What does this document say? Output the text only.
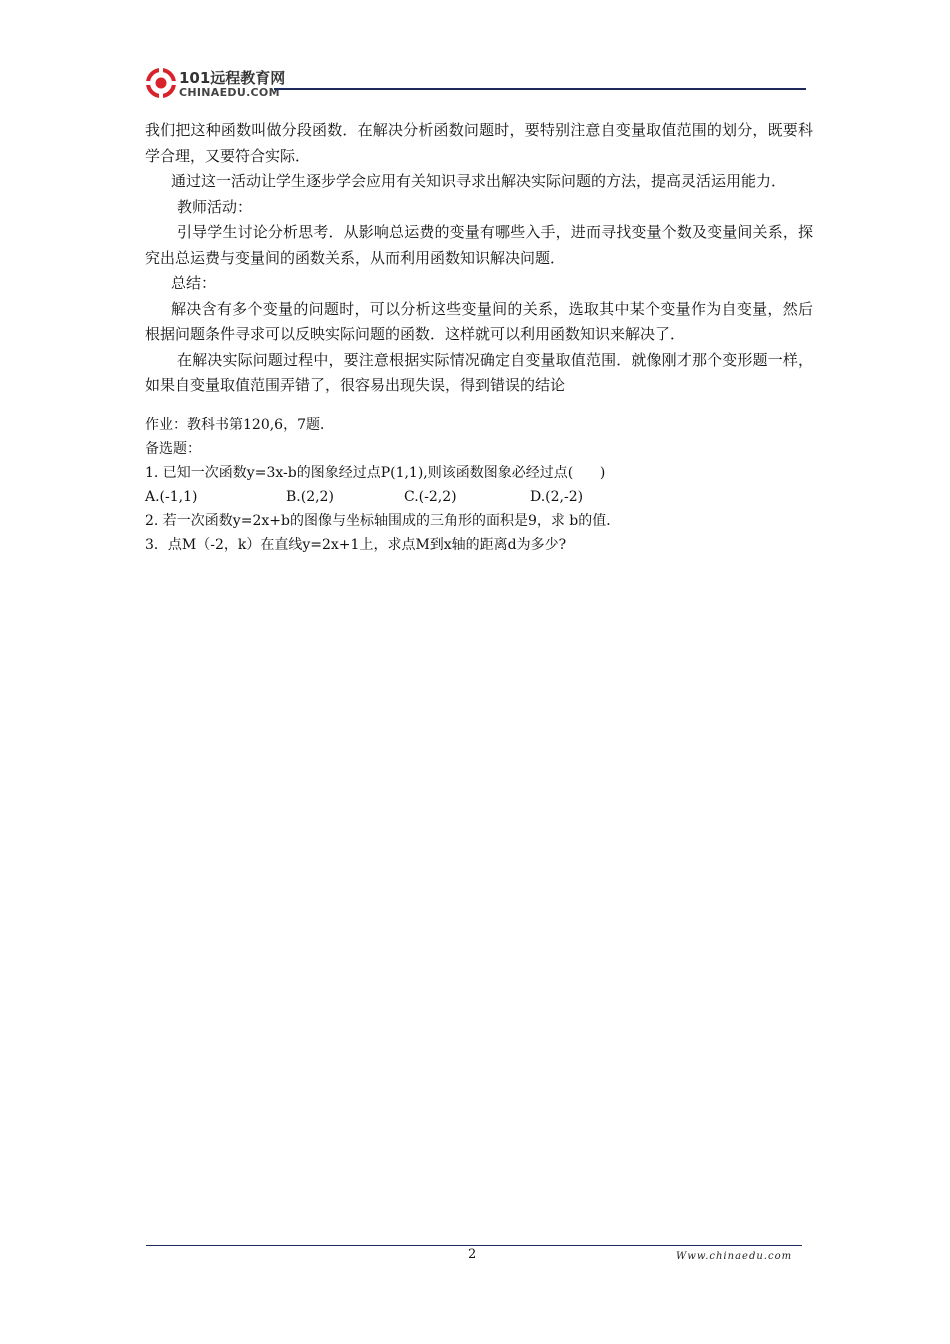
101远程教育网
CHINAEDU.COM

我们把这种函数叫做分段函数．在解决分析函数问题时，要特别注意自变量取值范围的划分，既要科学合理，又要符合实际．

通过这一活动让学生逐步学会应用有关知识寻求出解决实际问题的方法，提高灵活运用能力．

教师活动：

引导学生讨论分析思考．从影响总运费的变量有哪些入手，进而寻找变量个数及变量间关系，探究出总运费与变量间的函数关系，从而利用函数知识解决问题．

总结：

解决含有多个变量的问题时，可以分析这些变量间的关系，选取其中某个变量作为自变量，然后根据问题条件寻求可以反映实际问题的函数．这样就可以利用函数知识来解决了．

在解决实际问题过程中，要注意根据实际情况确定自变量取值范围．就像刚才那个变形题一样，如果自变量取值范围弄错了，很容易出现失误，得到错误的结论

作业：教科书第120,6，7题．

备选题：

1. 已知一次函数y=3x-b的图象经过点P(1,1),则该函数图象必经过点(      )

A.(-1,1)	B.(2,2)	C.(-2,2)	D.(2,-2)

2. 若一次函数y=2x+b的图像与坐标轴围成的三角形的面积是9，求 b的值．

3．点M（-2，k）在直线y=2x+1上，求点M到x轴的距离d为多少?

2	Www.chinaedu.com
